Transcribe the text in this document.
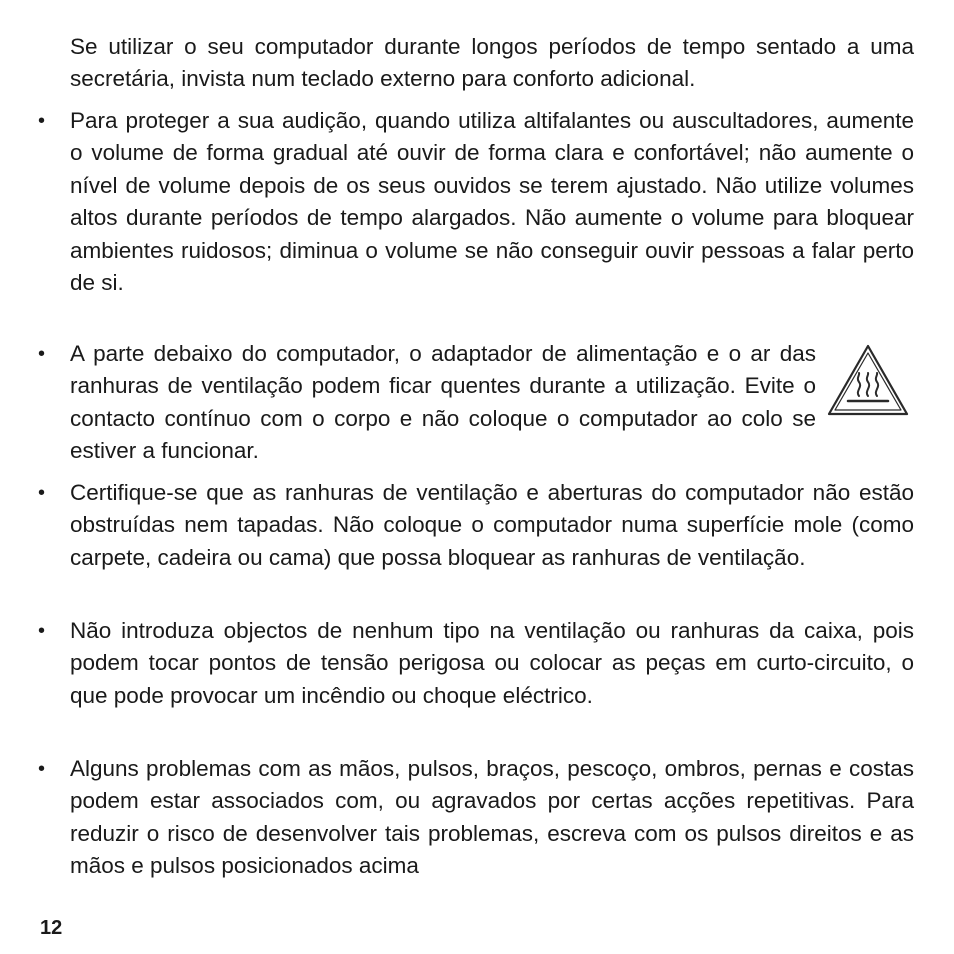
Se utilizar o seu computador durante longos períodos de tempo sentado a uma secretária, invista num teclado externo para conforto adicional.

• Para proteger a sua audição, quando utiliza altifalantes ou auscultadores, aumente o volume de forma gradual até ouvir de forma clara e confortável; não aumente o nível de volume depois de os seus ouvidos se terem ajustado. Não utilize volumes altos durante períodos de tempo alargados. Não aumente o volume para bloquear ambientes ruidosos; diminua o volume se não conseguir ouvir pessoas a falar perto de si.

• A parte debaixo do computador, o adaptador de alimentação e o ar das ranhuras de ventilação podem ficar quentes durante a utilização. Evite o contacto contínuo com o corpo e não coloque o computador ao colo se estiver a funcionar.

• Certifique-se que as ranhuras de ventilação e aberturas do computador não estão obstruídas nem tapadas. Não coloque o computador numa superfície mole (como carpete, cadeira ou cama) que possa bloquear as ranhuras de ventilação.

• Não introduza objectos de nenhum tipo na ventilação ou ranhuras da caixa, pois podem tocar pontos de tensão perigosa ou colocar as peças em curto-circuito, o que pode provocar um incêndio ou choque eléctrico.

• Alguns problemas com as mãos, pulsos, braços, pescoço, ombros, pernas e costas podem estar associados com, ou agravados por certas acções repetitivas. Para reduzir o risco de desenvolver tais problemas, escreva com os pulsos direitos e as mãos e pulsos posicionados acima

12
